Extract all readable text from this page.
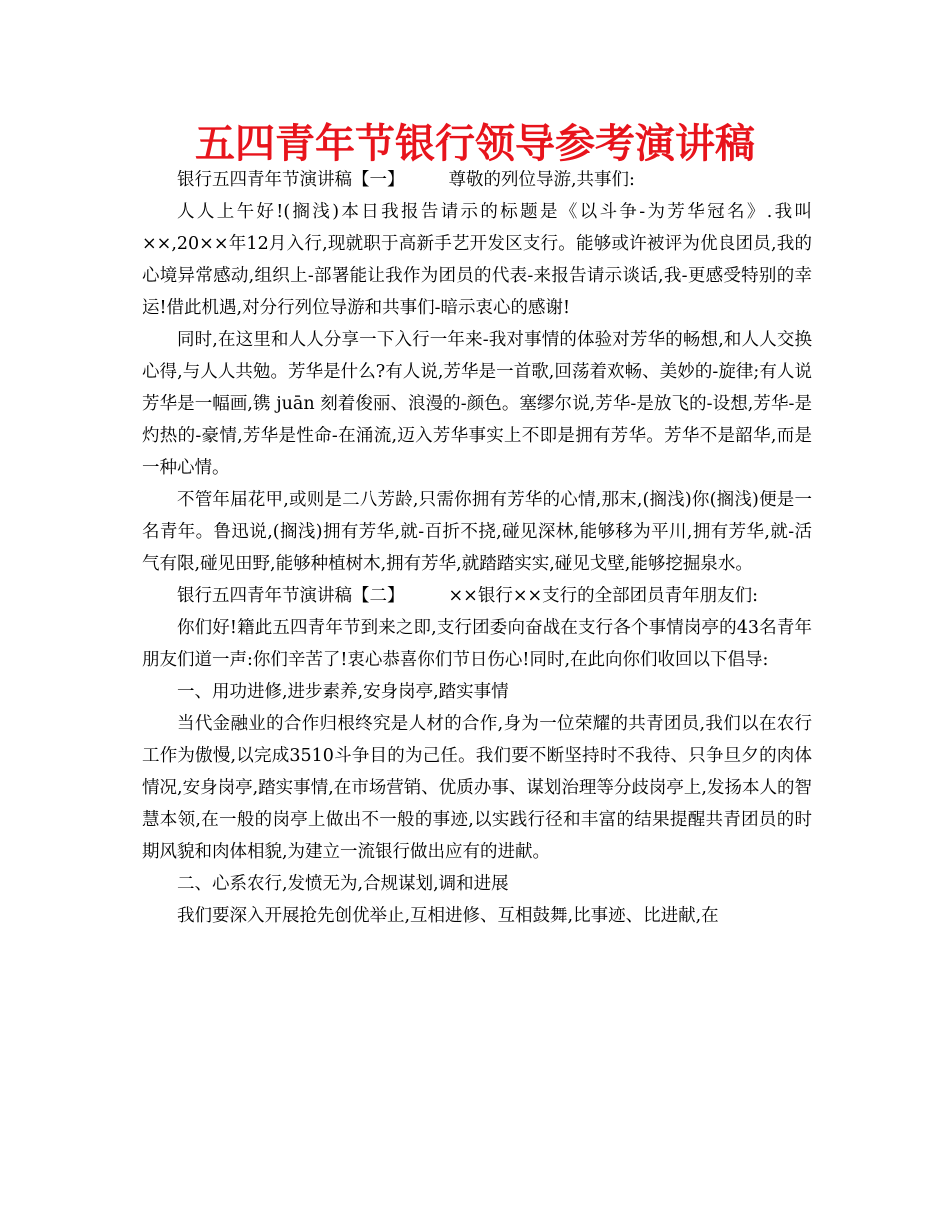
五四青年节银行领导参考演讲稿

银行五四青年节演讲稿【一】	尊敬的列位导游,共事们:

人人上午好!(搁浅)本日我报告请示的标题是《以斗争-为芳华冠名》.我叫××,20××年12月入行,现就职于高新手艺开发区支行。能够或许被评为优良团员,我的心境异常感动,组织上-部署能让我作为团员的代表-来报告请示谈话,我-更感受特别的幸运!借此机遇,对分行列位导游和共事们-暗示衷心的感谢!

同时,在这里和人人分享一下入行一年来-我对事情的体验对芳华的畅想,和人人交换心得,与人人共勉。芳华是什么?有人说,芳华是一首歌,回荡着欢畅、美妙的-旋律;有人说芳华是一幅画,镌 juān 刻着俊丽、浪漫的-颜色。塞缪尔说,芳华-是放飞的-设想,芳华-是灼热的-豪情,芳华是性命-在涌流,迈入芳华事实上不即是拥有芳华。芳华不是韶华,而是一种心情。

不管年届花甲,或则是二八芳龄,只需你拥有芳华的心情,那末,(搁浅)你(搁浅)便是一名青年。鲁迅说,(搁浅)拥有芳华,就-百折不挠,碰见深林,能够移为平川,拥有芳华,就-活气有限,碰见田野,能够种植树木,拥有芳华,就踏踏实实,碰见戈壁,能够挖掘泉水。

银行五四青年节演讲稿【二】	××银行××支行的全部团员青年朋友们:

你们好!籍此五四青年节到来之即,支行团委向奋战在支行各个事情岗亭的43名青年朋友们道一声:你们辛苦了!衷心恭喜你们节日伤心!同时,在此向你们收回以下倡导:

一、用功进修,进步素养,安身岗亭,踏实事情

当代金融业的合作归根终究是人材的合作,身为一位荣耀的共青团员,我们以在农行工作为傲慢,以完成3510斗争目的为己任。我们要不断坚持时不我待、只争旦夕的肉体情况,安身岗亭,踏实事情,在市场营销、优质办事、谋划治理等分歧岗亭上,发扬本人的智慧本领,在一般的岗亭上做出不一般的事迹,以实践行径和丰富的结果提醒共青团员的时期风貌和肉体相貌,为建立一流银行做出应有的进献。

二、心系农行,发愤无为,合规谋划,调和进展

我们要深入开展抢先创优举止,互相进修、互相鼓舞,比事迹、比进献,在
